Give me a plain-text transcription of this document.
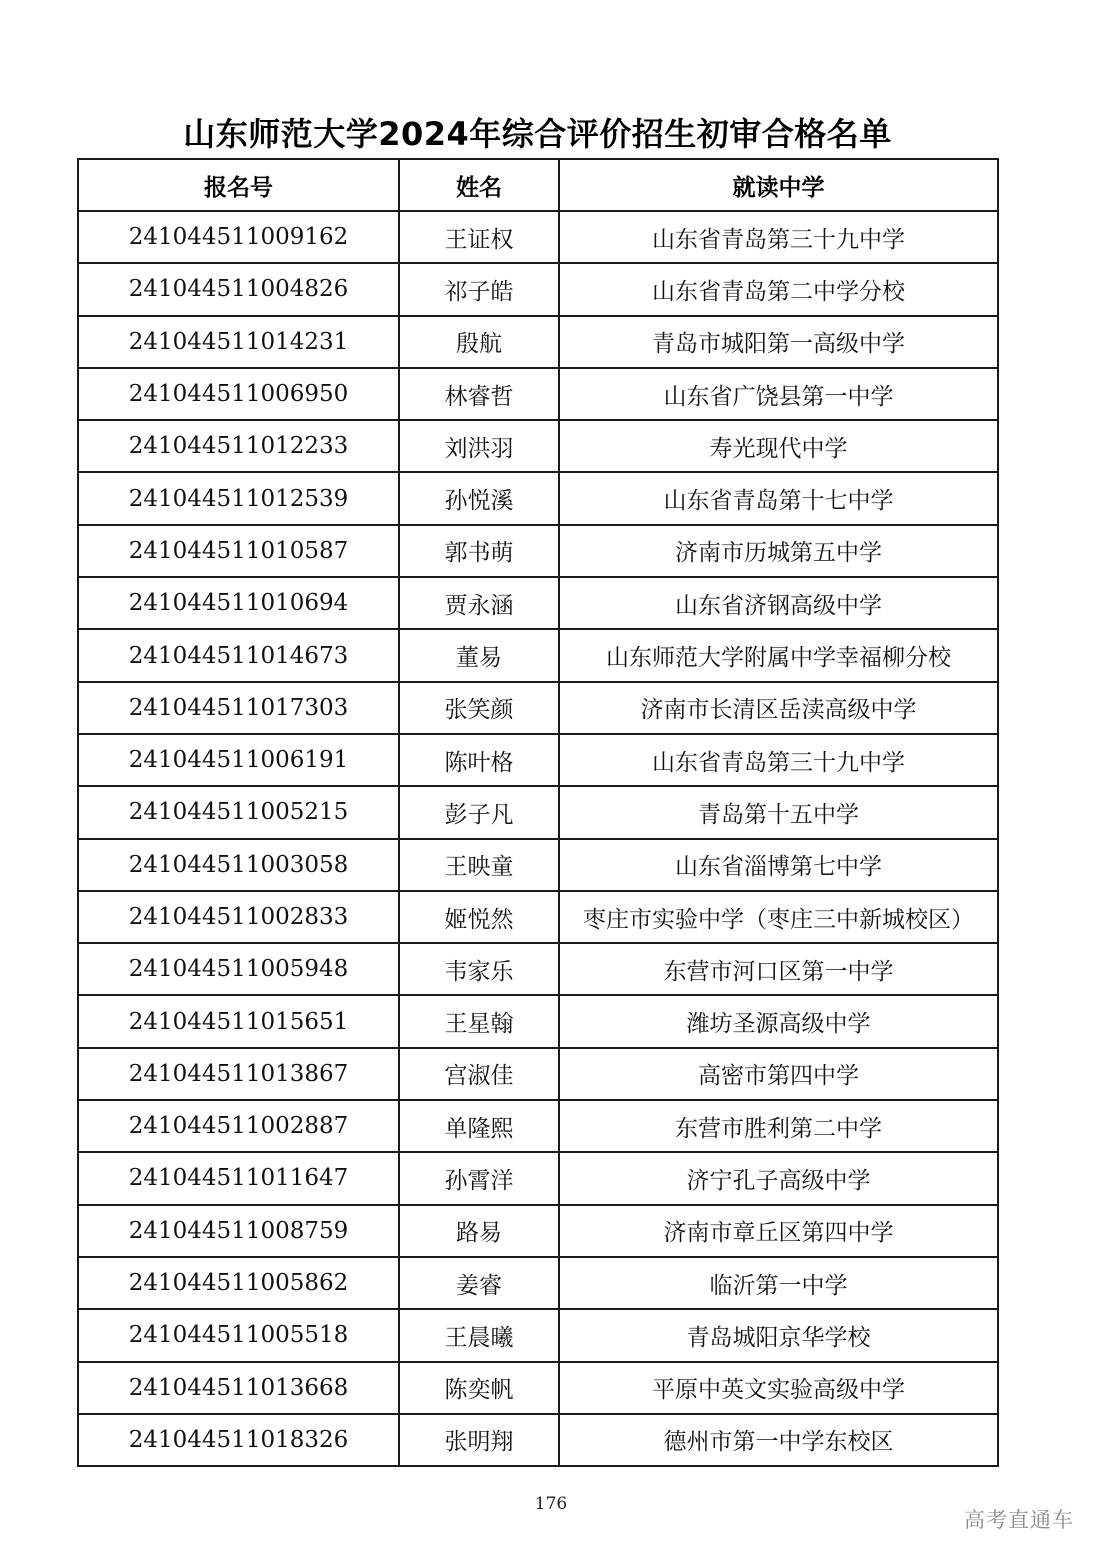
山东师范大学2024年综合评价招生初审合格名单
报名号	姓名	就读中学
241044511009162	王证权	山东省青岛第三十九中学
241044511004826	祁子皓	山东省青岛第二中学分校
241044511014231	殷航	青岛市城阳第一高级中学
241044511006950	林睿哲	山东省广饶县第一中学
241044511012233	刘洪羽	寿光现代中学
241044511012539	孙悦溪	山东省青岛第十七中学
241044511010587	郭书萌	济南市历城第五中学
241044511010694	贾永涵	山东省济钢高级中学
241044511014673	董易	山东师范大学附属中学幸福柳分校
241044511017303	张笑颜	济南市长清区岳渎高级中学
241044511006191	陈叶格	山东省青岛第三十九中学
241044511005215	彭子凡	青岛第十五中学
241044511003058	王映童	山东省淄博第七中学
241044511002833	姬悦然	枣庄市实验中学（枣庄三中新城校区）
241044511005948	韦家乐	东营市河口区第一中学
241044511015651	王星翰	潍坊圣源高级中学
241044511013867	宫淑佳	高密市第四中学
241044511002887	单隆熙	东营市胜利第二中学
241044511011647	孙霄洋	济宁孔子高级中学
241044511008759	路易	济南市章丘区第四中学
241044511005862	姜睿	临沂第一中学
241044511005518	王晨曦	青岛城阳京华学校
241044511013668	陈奕帆	平原中英文实验高级中学
241044511018326	张明翔	德州市第一中学东校区
176
高考直通车
